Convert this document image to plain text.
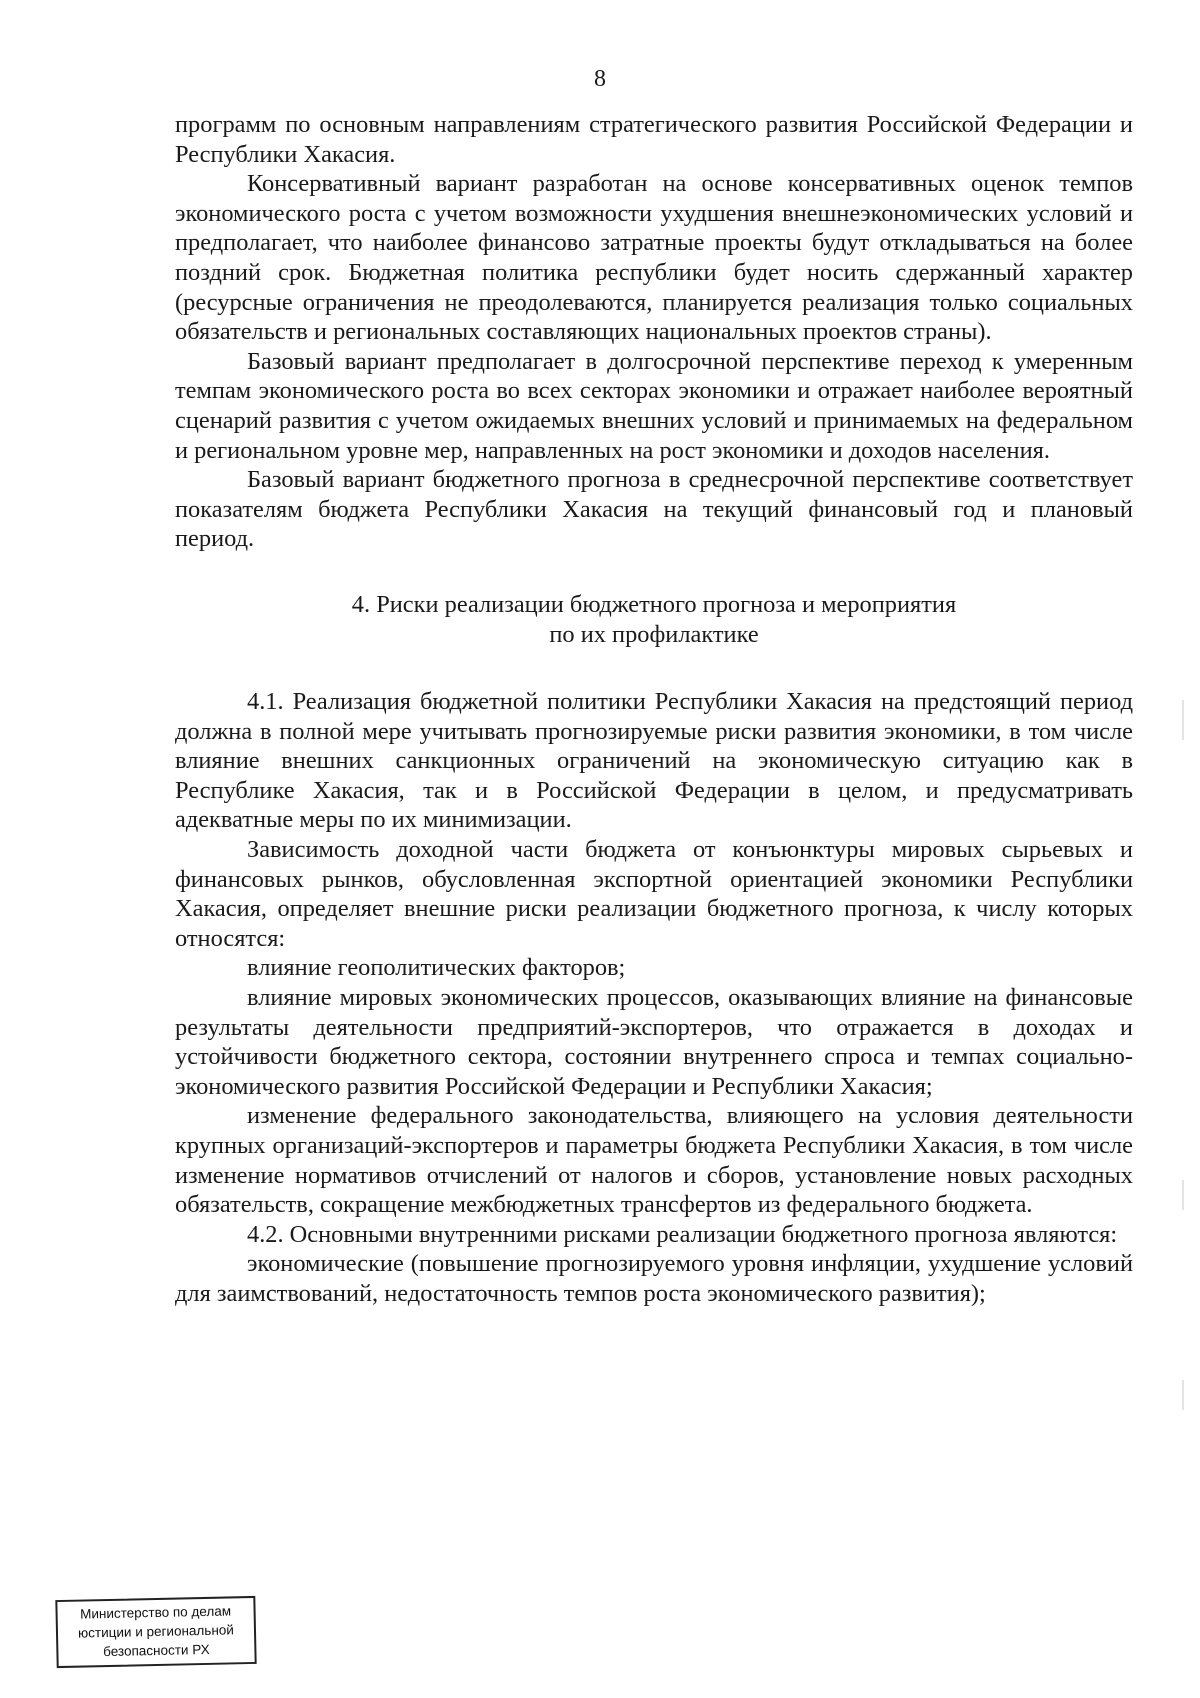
8

программ по основным направлениям стратегического развития Российской Федерации и Республики Хакасия.

Консервативный вариант разработан на основе консервативных оценок темпов экономического роста с учетом возможности ухудшения внешнеэкономических условий и предполагает, что наиболее финансово затратные проекты будут откладываться на более поздний срок. Бюджетная политика республики будет носить сдержанный характер (ресурсные ограничения не преодолеваются, планируется реализация только социальных обязательств и региональных составляющих национальных проектов страны).

Базовый вариант предполагает в долгосрочной перспективе переход к умеренным темпам экономического роста во всех секторах экономики и отражает наиболее вероятный сценарий развития с учетом ожидаемых внешних условий и принимаемых на федеральном и региональном уровне мер, направленных на рост экономики и доходов населения.

Базовый вариант бюджетного прогноза в среднесрочной перспективе соответствует показателям бюджета Республики Хакасия на текущий финансовый год и плановый период.

4. Риски реализации бюджетного прогноза и мероприятия
по их профилактике

4.1. Реализация бюджетной политики Республики Хакасия на предстоящий период должна в полной мере учитывать прогнозируемые риски развития экономики, в том числе влияние внешних санкционных ограничений на экономическую ситуацию как в Республике Хакасия, так и в Российской Федерации в целом, и предусматривать адекватные меры по их минимизации.

Зависимость доходной части бюджета от конъюнктуры мировых сырьевых и финансовых рынков, обусловленная экспортной ориентацией экономики Республики Хакасия, определяет внешние риски реализации бюджетного прогноза, к числу которых относятся:

влияние геополитических факторов;

влияние мировых экономических процессов, оказывающих влияние на финансовые результаты деятельности предприятий-экспортеров, что отражается в доходах и устойчивости бюджетного сектора, состоянии внутреннего спроса и темпах социально-экономического развития Российской Федерации и Республики Хакасия;

изменение федерального законодательства, влияющего на условия деятельности крупных организаций-экспортеров и параметры бюджета Республики Хакасия, в том числе изменение нормативов отчислений от налогов и сборов, установление новых расходных обязательств, сокращение межбюджетных трансфертов из федерального бюджета.

4.2. Основными внутренними рисками реализации бюджетного прогноза являются:

экономические (повышение прогнозируемого уровня инфляции, ухудшение условий для заимствований, недостаточность темпов роста экономического развития);

Министерство по делам
юстиции и региональной
безопасности РХ
